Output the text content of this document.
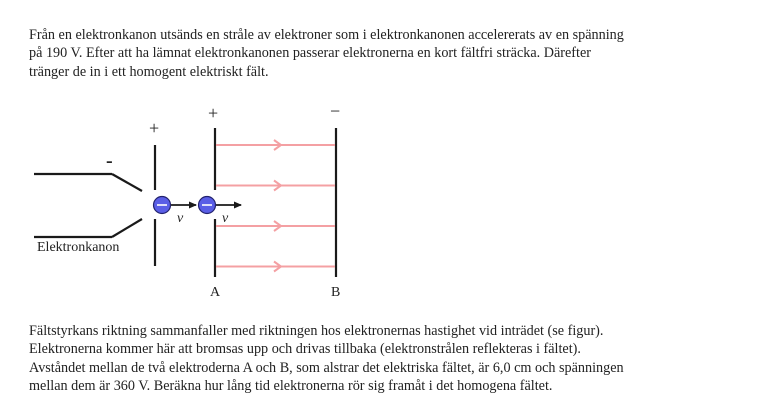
Från en elektronkanon utsänds en stråle av elektroner som i elektronkanonen accelererats av en spänning
på 190 V. Efter att ha lämnat elektronkanonen passerar elektronerna en kort fältfri sträcka. Därefter
tränger de in i ett homogent elektriskt fält.

-
+
Elektronkanon
+	−
A	B
v	v

Fältstyrkans riktning sammanfaller med riktningen hos elektronernas hastighet vid inträdet (se figur).
Elektronerna kommer här att bromsas upp och drivas tillbaka (elektronstrålen reflekteras i fältet).
Avståndet mellan de två elektroderna A och B, som alstrar det elektriska fältet, är 6,0 cm och spänningen
mellan dem är 360 V. Beräkna hur lång tid elektronerna rör sig framåt i det homogena fältet.
